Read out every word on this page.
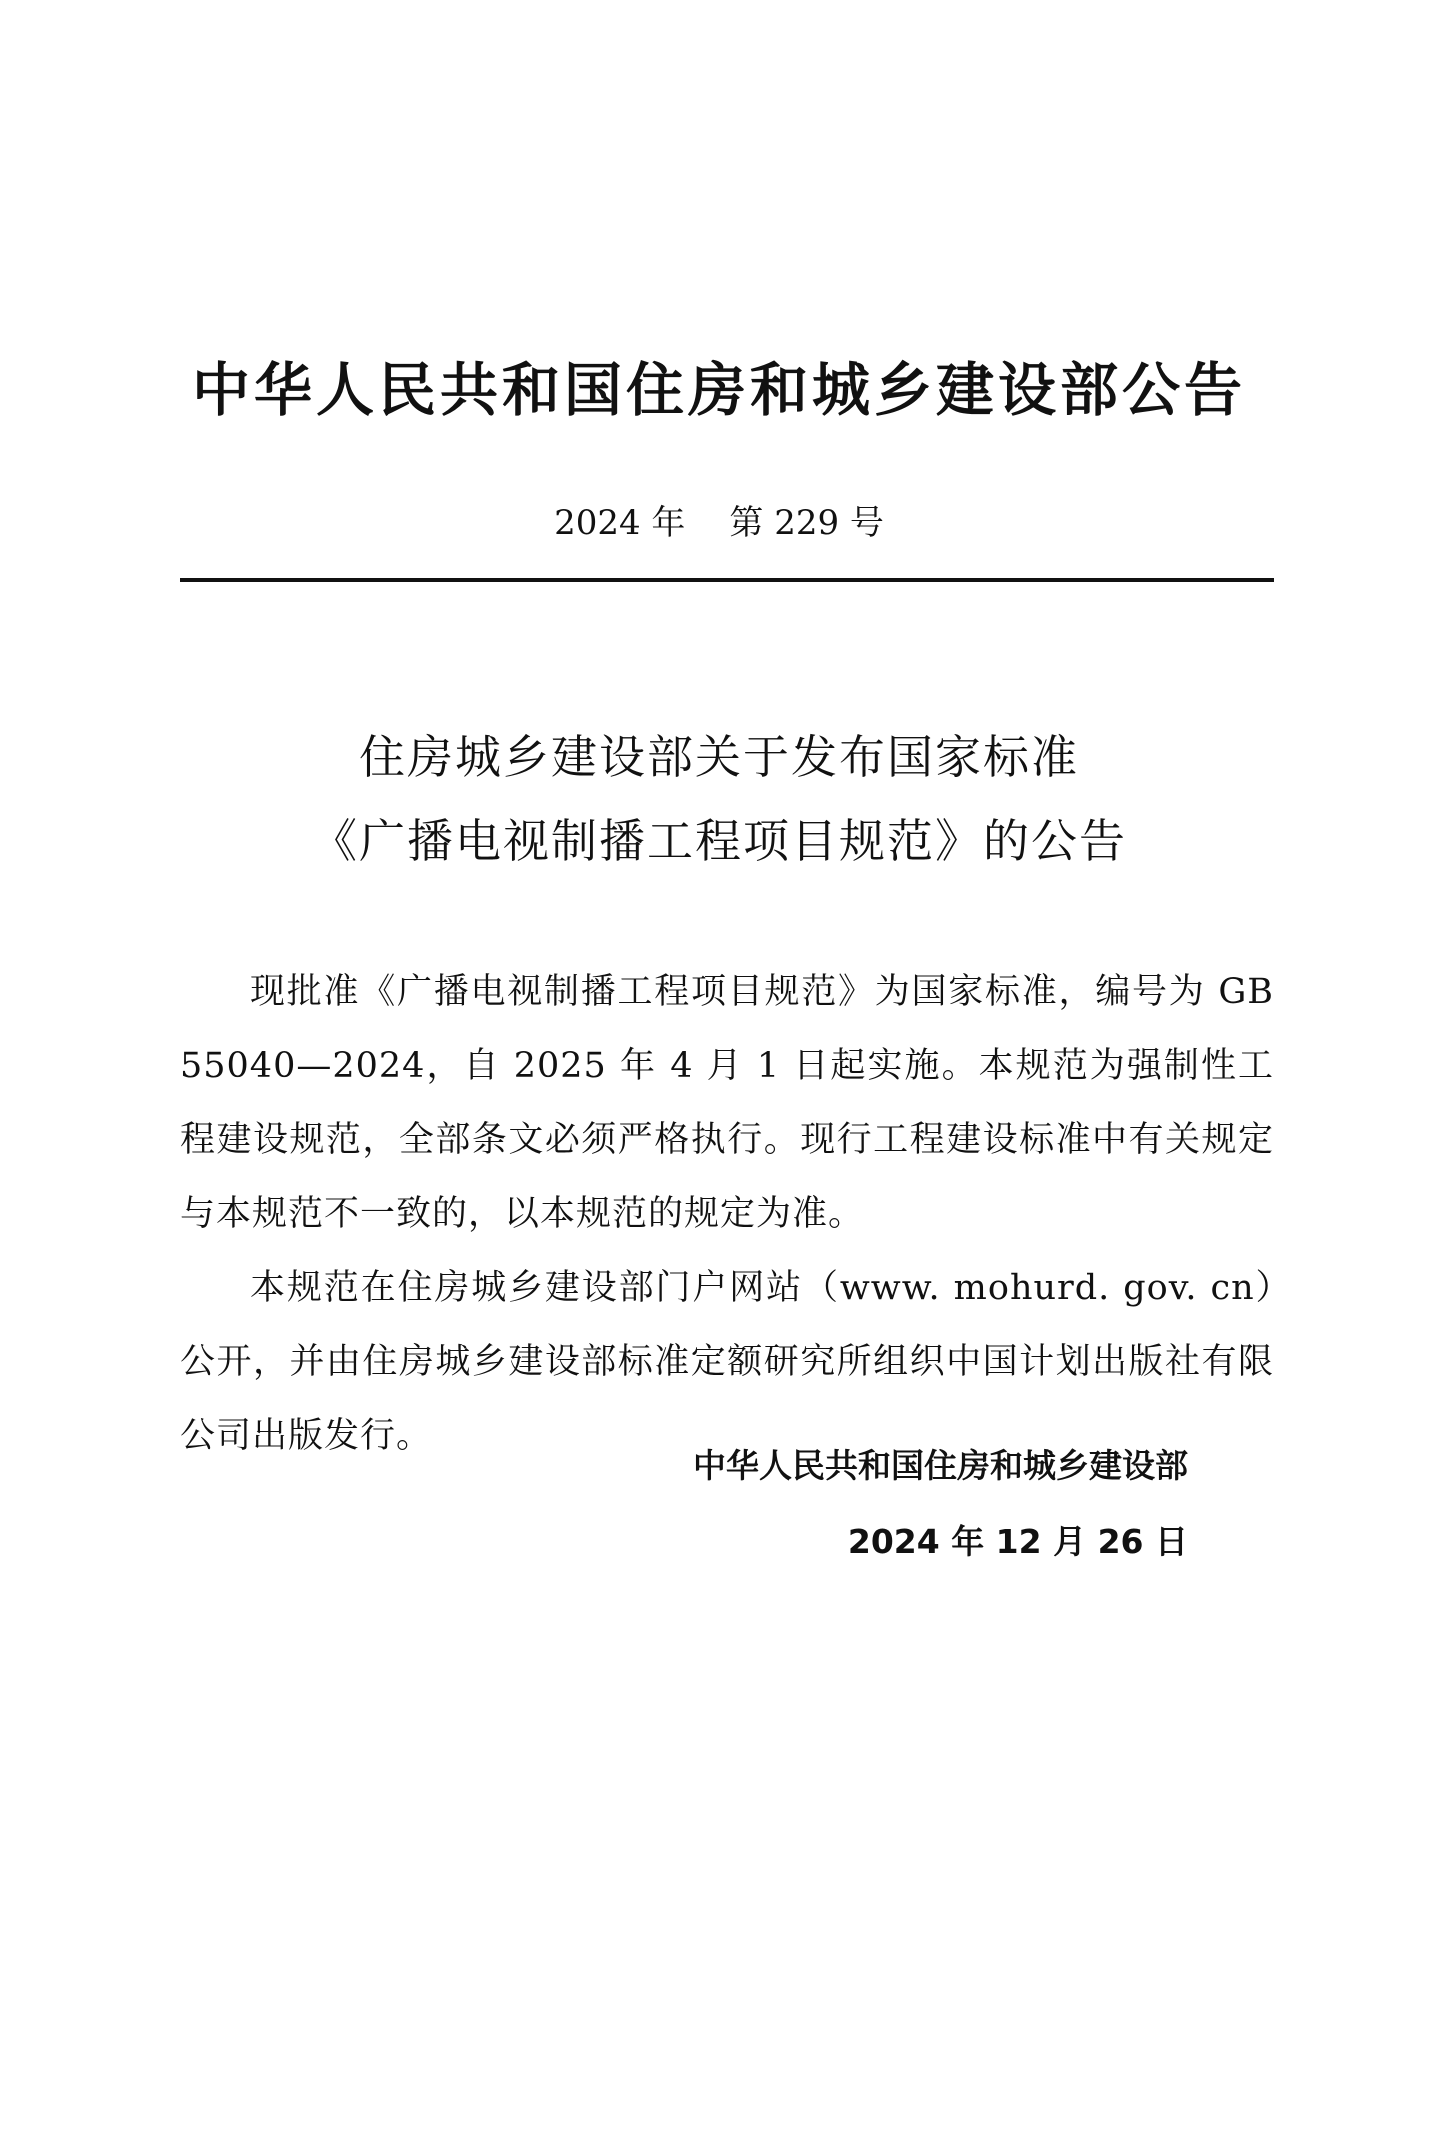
中华人民共和国住房和城乡建设部公告
2024 年 第 229 号
住房城乡建设部关于发布国家标准
《广播电视制播工程项目规范》的公告

现批准《广播电视制播工程项目规范》为国家标准，编号为 GB 55040—2024，自 2025 年 4 月 1 日起实施。本规范为强制性工程建设规范，全部条文必须严格执行。现行工程建设标准中有关规定与本规范不一致的，以本规范的规定为准。

本规范在住房城乡建设部门户网站（www. mohurd. gov. cn）公开，并由住房城乡建设部标准定额研究所组织中国计划出版社有限公司出版发行。

中华人民共和国住房和城乡建设部
2024 年 12 月 26 日
